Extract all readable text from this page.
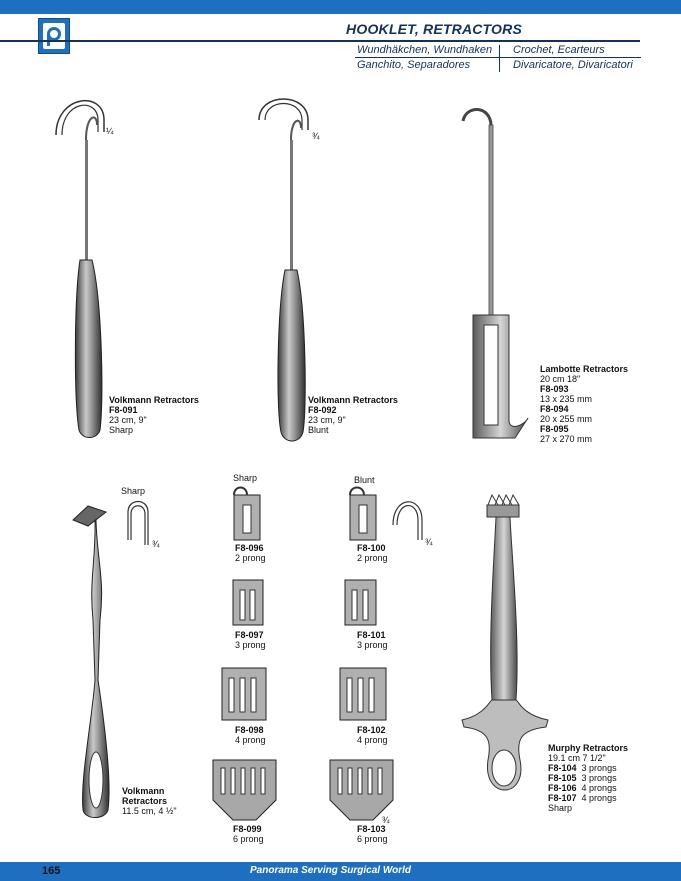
HOOKLET, RETRACTORS
Wundhäkchen, Wundhaken Crochet, Ecarteurs
Ganchito, Separadores	Divaricatore, Divaricatori
Volkmann Retractors
F8-091
23 cm, 9"
Sharp
¼
Volkmann Retractors
F8-092
23 cm, 9"
Blunt
¾
Lambotte Retractors
20 cm 18"
F8-093
13 x 235 mm
F8-094
20 x 255 mm
F8-095
27 x 270 mm
Sharp
¾
Volkmann
Retractors
11.5 cm, 4 ½"
Sharp	Blunt
¾
¾
F8-096
2 prong
F8-097
3 prong
F8-098
4 prong
F8-099
6 prong
F8-100
2 prong
F8-101
3 prong
F8-102
4 prong
F8-103
6 prong
Murphy Retractors
19.1 cm 7 1/2"
F8-104 3 prongs
F8-105 3 prongs
F8-106 4 prongs
F8-107 4 prongs
Sharp
165	Panorama Serving Surgical World
